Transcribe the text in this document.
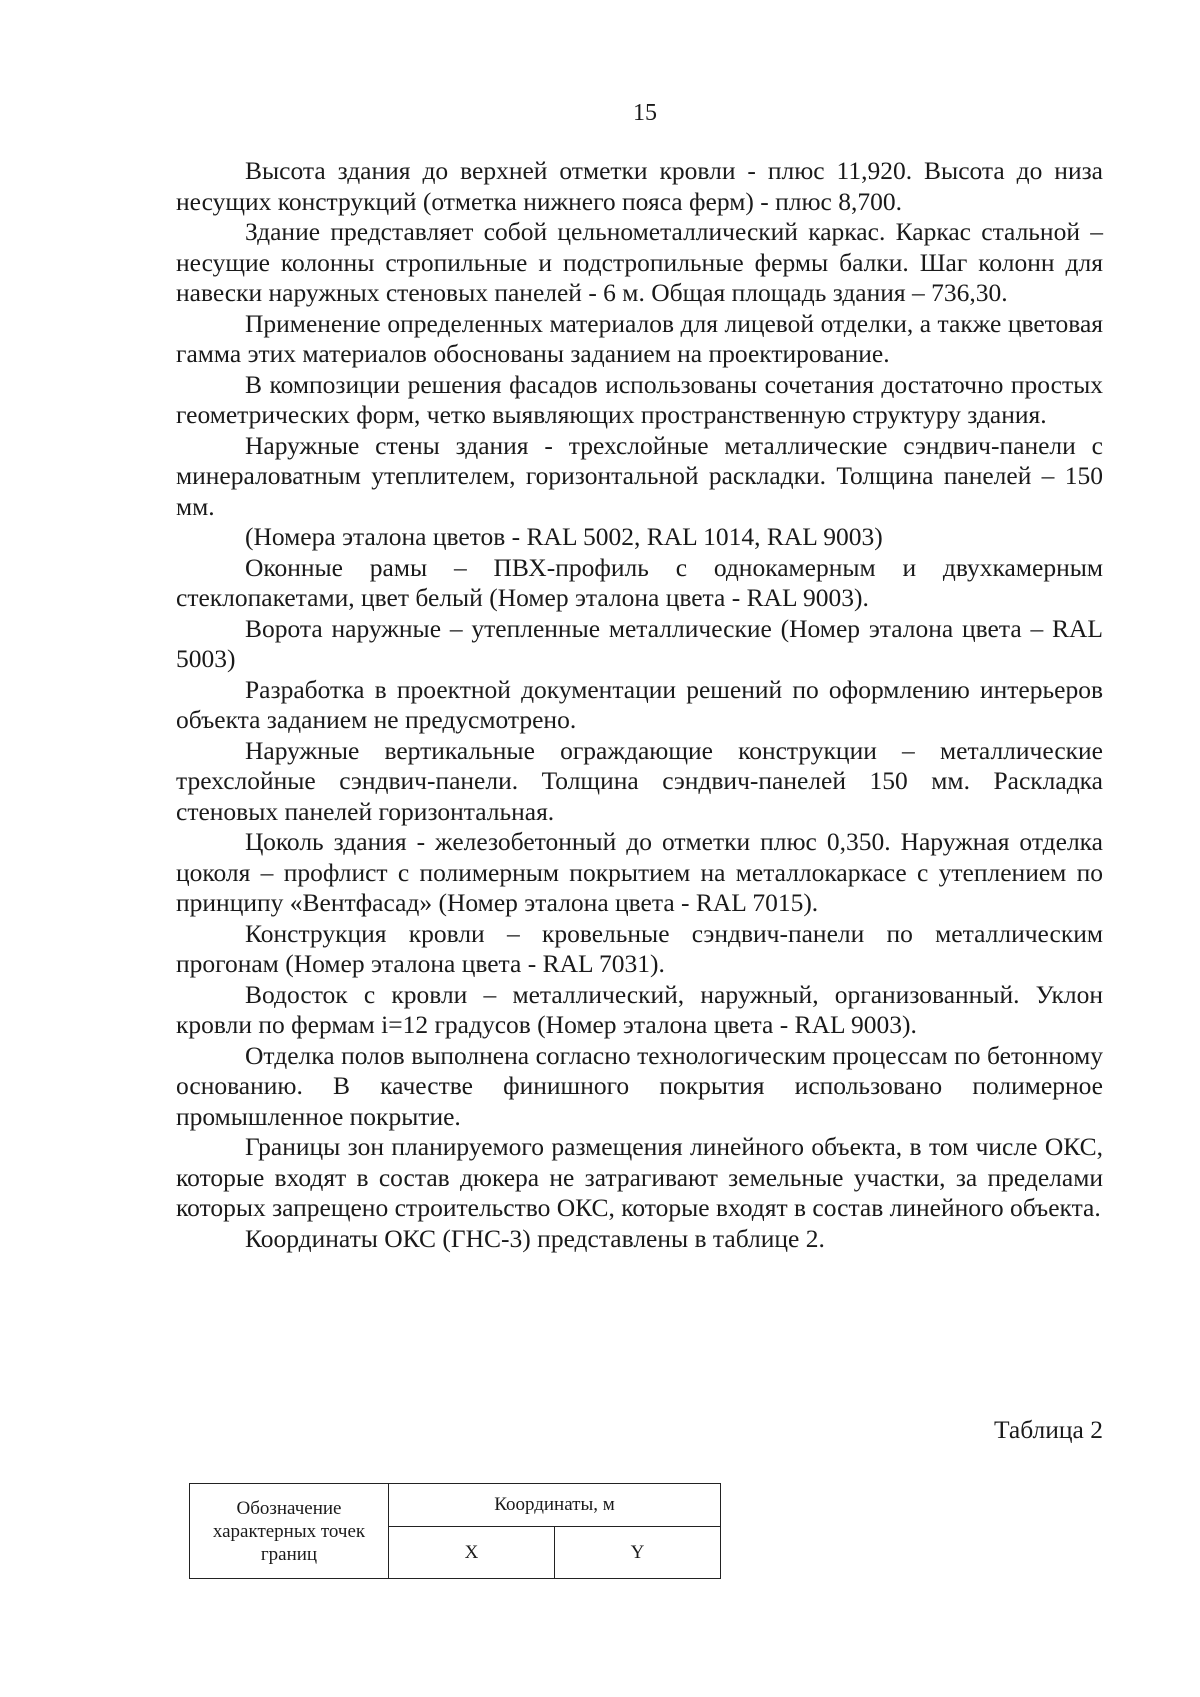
15

Высота здания до верхней отметки кровли - плюс 11,920. Высота до низа несущих конструкций (отметка нижнего пояса ферм) - плюс 8,700.

Здание представляет собой цельнометаллический каркас. Каркас стальной – несущие колонны стропильные и подстропильные фермы балки. Шаг колонн для навески наружных стеновых панелей - 6 м. Общая площадь здания – 736,30.

Применение определенных материалов для лицевой отделки, а также цветовая гамма этих материалов обоснованы заданием на проектирование.

В композиции решения фасадов использованы сочетания достаточно простых геометрических форм, четко выявляющих пространственную структуру здания.

Наружные стены здания - трехслойные металлические сэндвич-панели с минераловатным утеплителем, горизонтальной раскладки. Толщина панелей – 150 мм.

(Номера эталона цветов - RAL 5002, RAL 1014, RAL 9003)

Оконные рамы – ПВХ-профиль с однокамерным и двухкамерным стеклопакетами, цвет белый (Номер эталона цвета - RAL 9003).

Ворота наружные – утепленные металлические (Номер эталона цвета – RAL 5003)

Разработка в проектной документации решений по оформлению интерьеров объекта заданием не предусмотрено.

Наружные вертикальные ограждающие конструкции – металлические трехслойные сэндвич-панели. Толщина сэндвич-панелей 150 мм. Раскладка стеновых панелей горизонтальная.

Цоколь здания - железобетонный до отметки плюс 0,350. Наружная отделка цоколя – профлист с полимерным покрытием на металлокаркасе с утеплением по принципу «Вентфасад» (Номер эталона цвета - RAL 7015).

Конструкция кровли – кровельные сэндвич-панели по металлическим прогонам (Номер эталона цвета - RAL 7031).

Водосток с кровли – металлический, наружный, организованный. Уклон кровли по фермам i=12 градусов (Номер эталона цвета - RAL 9003).

Отделка полов выполнена согласно технологическим процессам по бетонному основанию. В качестве финишного покрытия использовано полимерное промышленное покрытие.

Границы зон планируемого размещения линейного объекта, в том числе ОКС, которые входят в состав дюкера не затрагивают земельные участки, за пределами которых запрещено строительство ОКС, которые входят в состав линейного объекта.

Координаты ОКС (ГНС-3) представлены в таблице 2.

Таблица 2
Обозначение характерных точек границ	Координаты, м	
	X	Y
